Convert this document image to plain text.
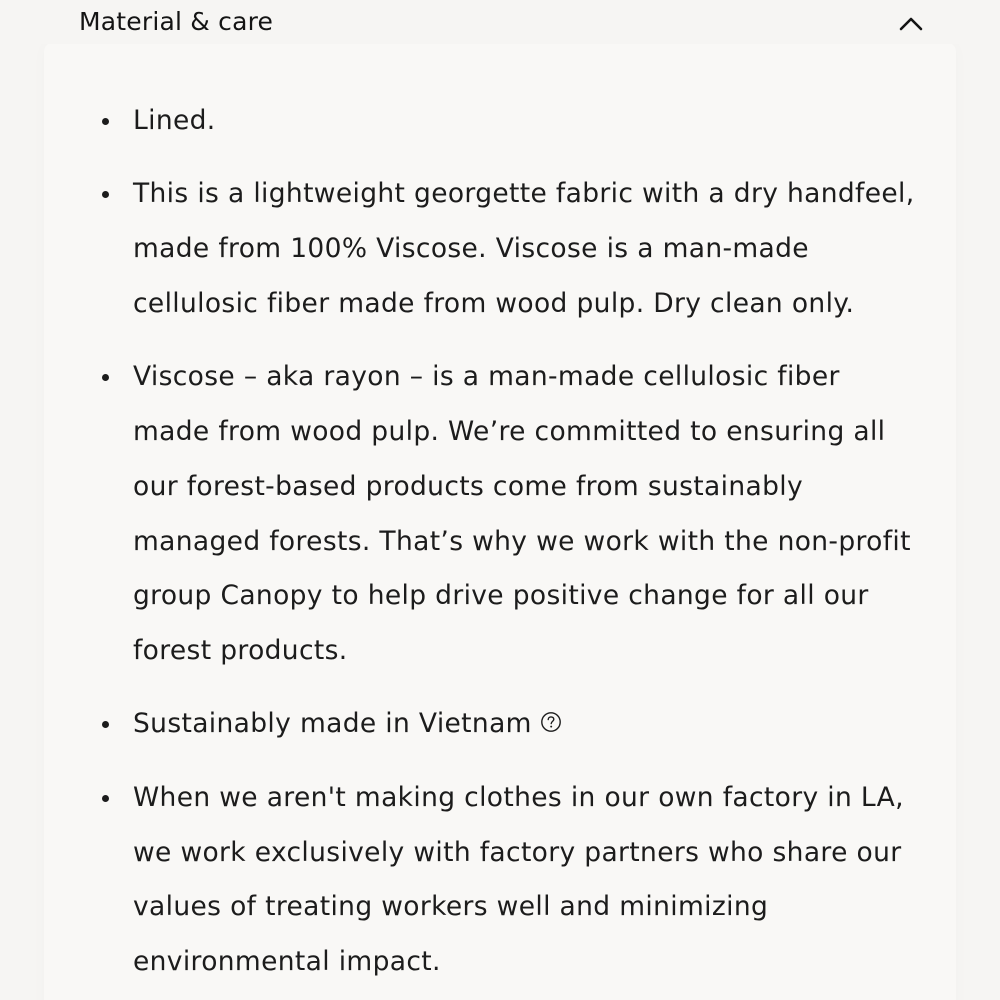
Material & care
Lined.
This is a lightweight georgette fabric with a dry handfeel,
made from 100% Viscose. Viscose is a man-made
cellulosic fiber made from wood pulp. Dry clean only.
Viscose – aka rayon – is a man-made cellulosic fiber
made from wood pulp. We’re committed to ensuring all
our forest-based products come from sustainably
managed forests. That’s why we work with the non-profit
group Canopy to help drive positive change for all our
forest products.
Sustainably made in Vietnam
When we aren't making clothes in our own factory in LA,
we work exclusively with factory partners who share our
values of treating workers well and minimizing
environmental impact.
